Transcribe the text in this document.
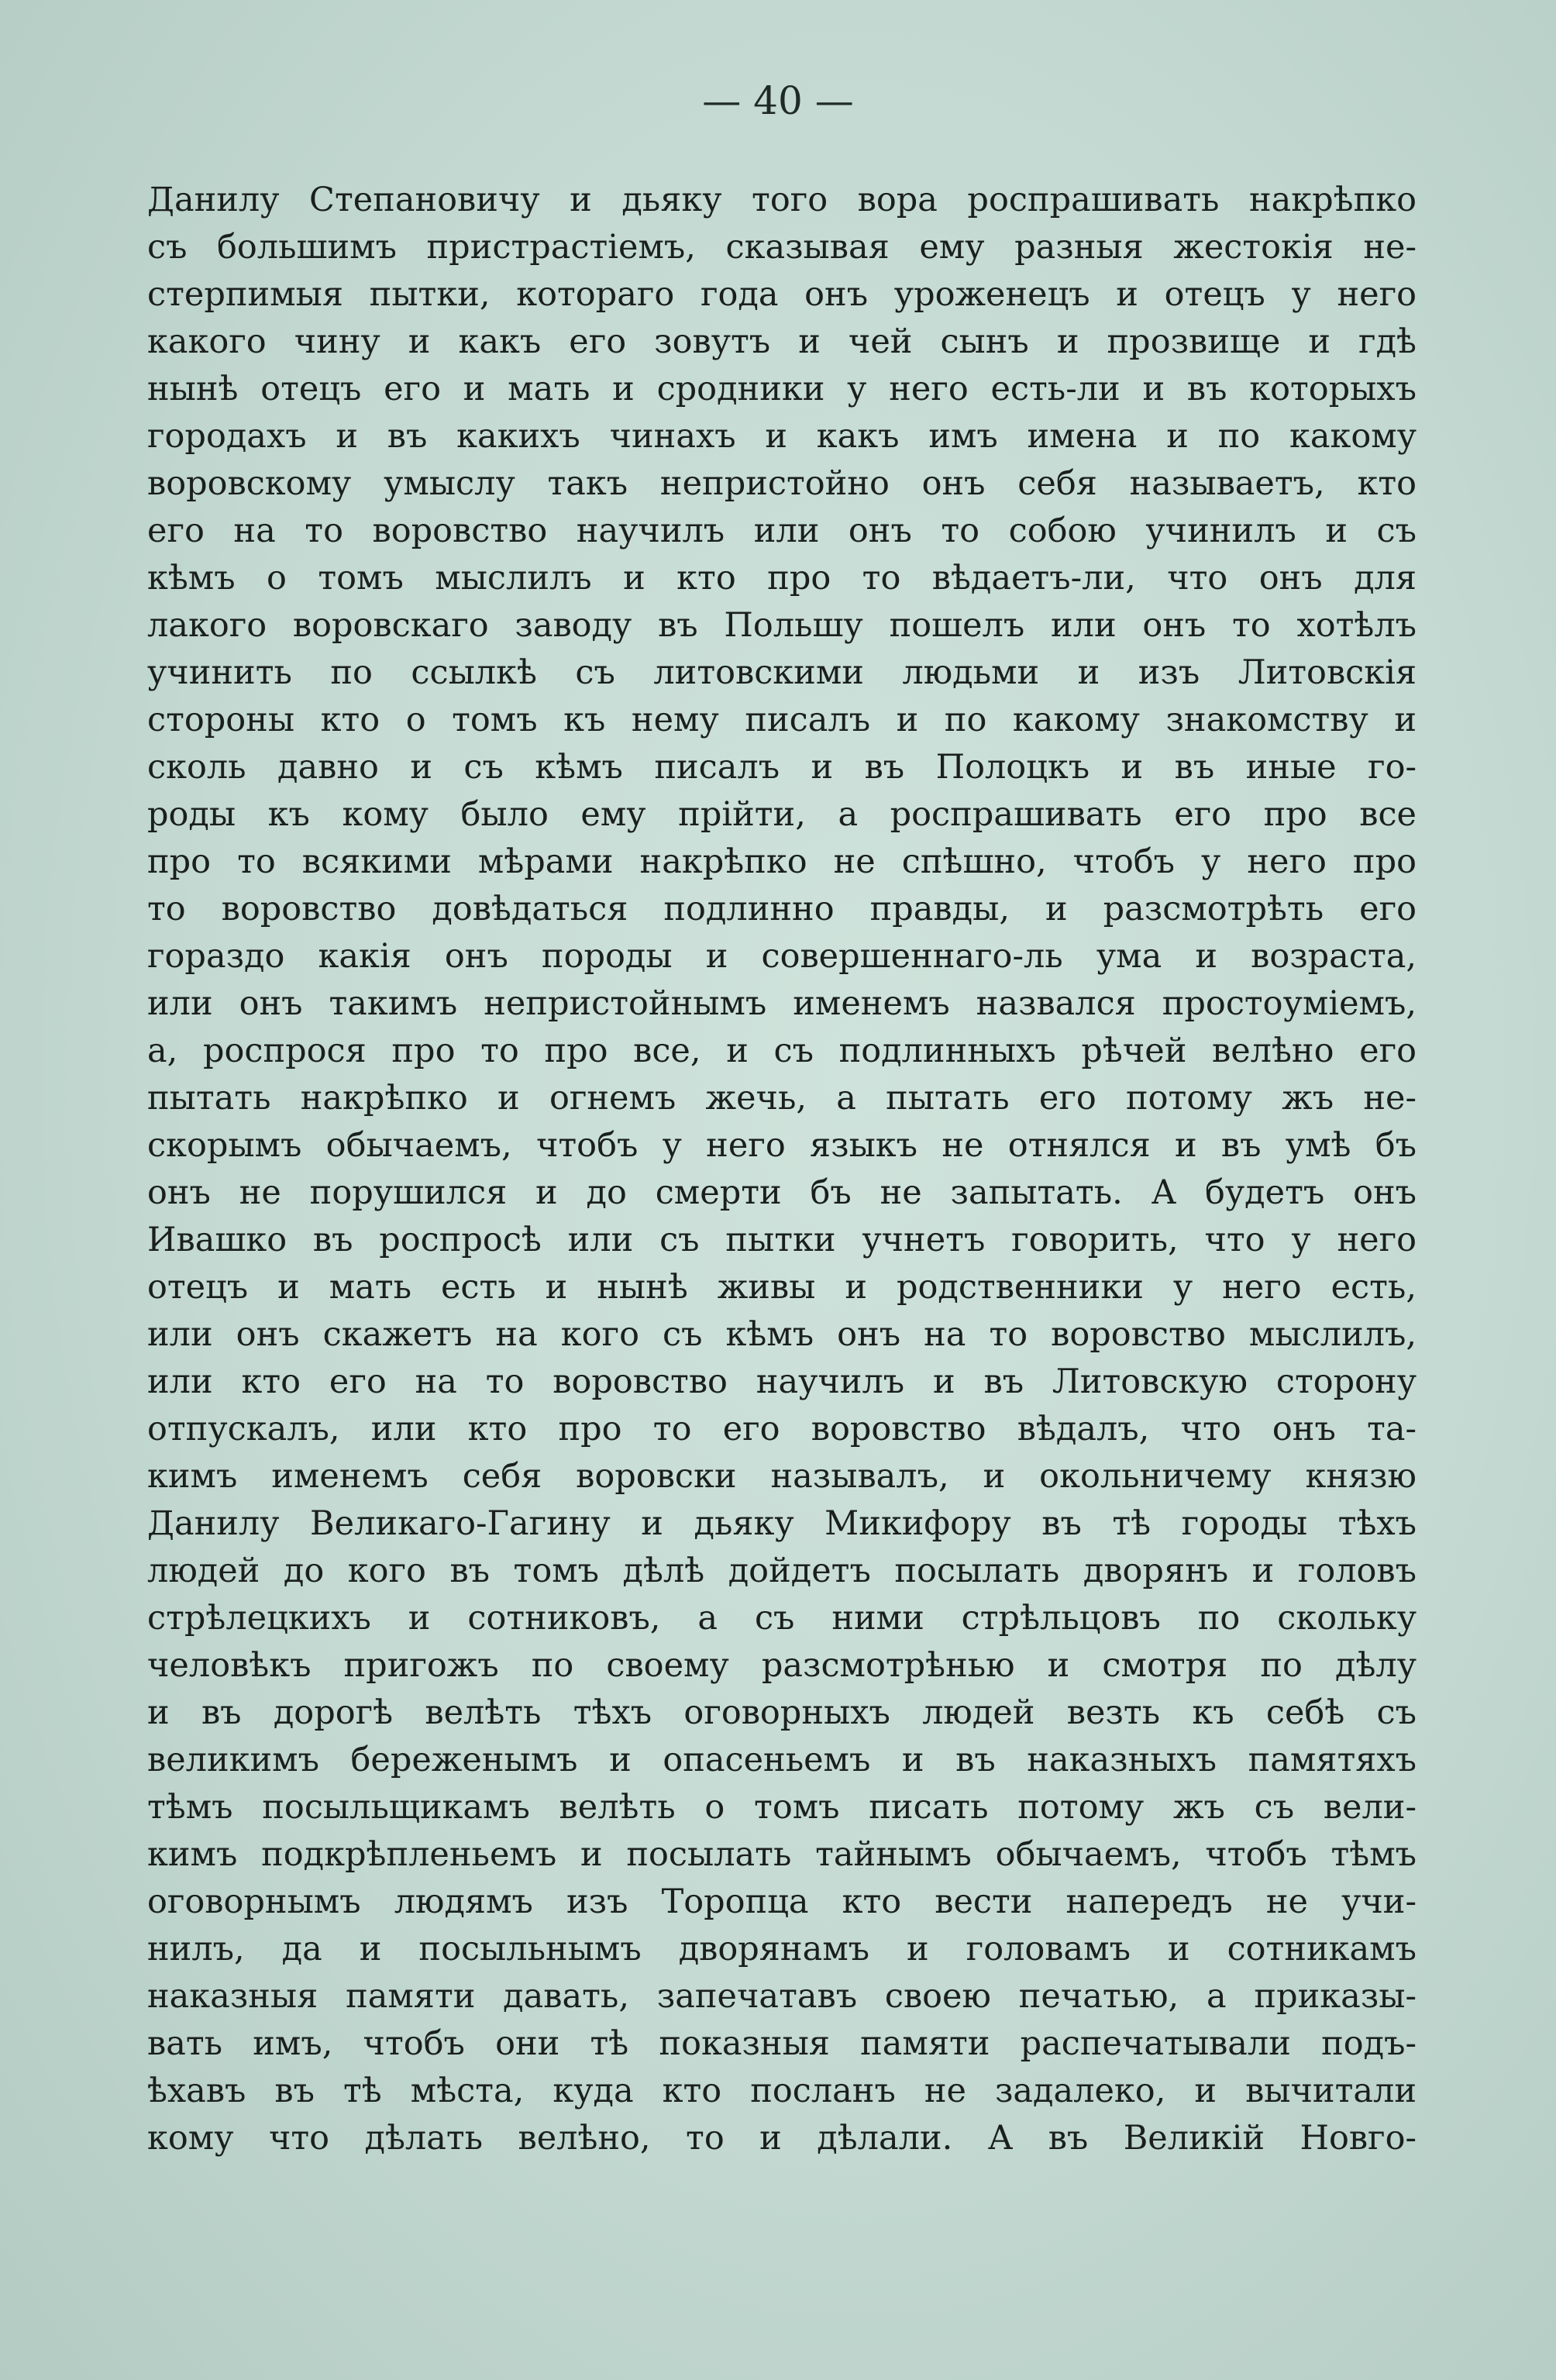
— 40 —
Данилу Степановичу и дьяку того вора роспрашивать накрѣпко
съ большимъ пристрастіемъ, сказывая ему разныя жестокія не-
стерпимыя пытки, котораго года онъ уроженецъ и отецъ у него
какого чину и какъ его зовутъ и чей сынъ и прозвище и гдѣ
нынѣ отецъ его и мать и сродники у него есть-ли и въ которыхъ
городахъ и въ какихъ чинахъ и какъ имъ имена и по какому
воровскому умыслу такъ непристойно онъ себя называетъ, кто
его на то воровство научилъ или онъ то собою учинилъ и съ
кѣмъ о томъ мыслилъ и кто про то вѣдаетъ-ли, что онъ для
лакого воровскаго заводу въ Польшу пошелъ или онъ то хотѣлъ
учинить по ссылкѣ съ литовскими людьми и изъ Литовскія
стороны кто о томъ къ нему писалъ и по какому знакомству и
сколь давно и съ кѣмъ писалъ и въ Полоцкъ и въ иные го-
роды къ кому было ему прійти, а роспрашивать его про все
про то всякими мѣрами накрѣпко не спѣшно, чтобъ у него про
то воровство довѣдаться подлинно правды, и разсмотрѣть его
гораздо какія онъ породы и совершеннаго-ль ума и возраста,
или онъ такимъ непристойнымъ именемъ назвался простоуміемъ,
а, роспрося про то про все, и съ подлинныхъ рѣчей велѣно его
пытать накрѣпко и огнемъ жечь, а пытать его потому жъ не-
скорымъ обычаемъ, чтобъ у него языкъ не отнялся и въ умѣ бъ
онъ не порушился и до смерти бъ не запытать. А будетъ онъ
Ивашко въ роспросѣ или съ пытки учнетъ говорить, что у него
отецъ и мать есть и нынѣ живы и родственники у него есть,
или онъ скажетъ на кого съ кѣмъ онъ на то воровство мыслилъ,
или кто его на то воровство научилъ и въ Литовскую сторону
отпускалъ, или кто про то его воровство вѣдалъ, что онъ та-
кимъ именемъ себя воровски называлъ, и окольничему князю
Данилу Великаго-Гагину и дьяку Микифору въ тѣ городы тѣхъ
людей до кого въ томъ дѣлѣ дойдетъ посылать дворянъ и головъ
стрѣлецкихъ и сотниковъ, а съ ними стрѣльцовъ по скольку
человѣкъ пригожъ по своему разсмотрѣнью и смотря по дѣлу
и въ дорогѣ велѣть тѣхъ оговорныхъ людей везть къ себѣ съ
великимъ береженымъ и опасеньемъ и въ наказныхъ памятяхъ
тѣмъ посыльщикамъ велѣть о томъ писать потому жъ съ вели-
кимъ подкрѣпленьемъ и посылать тайнымъ обычаемъ, чтобъ тѣмъ
оговорнымъ людямъ изъ Торопца кто вести напередъ не учи-
нилъ, да и посыльнымъ дворянамъ и головамъ и сотникамъ
наказныя памяти давать, запечатавъ своею печатью, а приказы-
вать имъ, чтобъ они тѣ показныя памяти распечатывали подъ-
ѣхавъ въ тѣ мѣста, куда кто посланъ не задалеко, и вычитали
кому что дѣлать велѣно, то и дѣлали. А въ Великій Новго-
